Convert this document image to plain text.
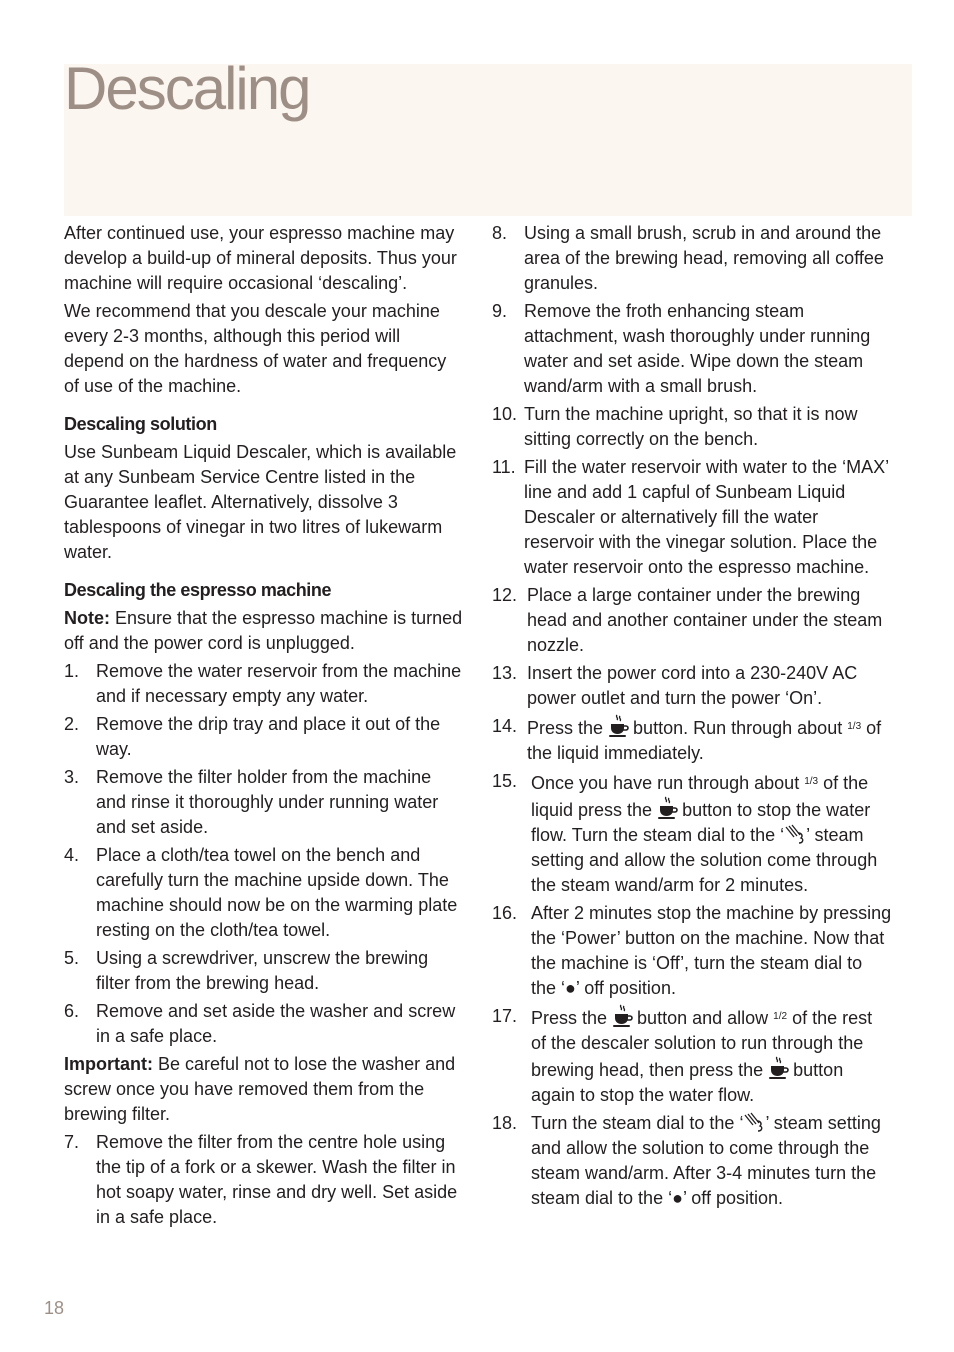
Descaling

After continued use, your espresso machine may develop a build-up of mineral deposits. Thus your machine will require occasional ‘descaling’.

We recommend that you descale your machine every 2-3 months, although this period will depend on the hardness of water and frequency of use of the machine.

Descaling solution

Use Sunbeam Liquid Descaler, which is available at any Sunbeam Service Centre listed in the Guarantee leaflet. Alternatively, dissolve 3 tablespoons of vinegar in two litres of lukewarm water.

Descaling the espresso machine

Note: Ensure that the espresso machine is turned off and the power cord is unplugged.

1. Remove the water reservoir from the machine and if necessary empty any water.
2. Remove the drip tray and place it out of the way.
3. Remove the filter holder from the machine and rinse it thoroughly under running water and set aside.
4. Place a cloth/tea towel on the bench and carefully turn the machine upside down. The machine should now be on the warming plate resting on the cloth/tea towel.
5. Using a screwdriver, unscrew the brewing filter from the brewing head.
6. Remove and set aside the washer and screw in a safe place.

Important: Be careful not to lose the washer and screw once you have removed them from the brewing filter.

7. Remove the filter from the centre hole using the tip of a fork or a skewer. Wash the filter in hot soapy water, rinse and dry well. Set aside in a safe place.
8. Using a small brush, scrub in and around the area of the brewing head, removing all coffee granules.
9. Remove the froth enhancing steam attachment, wash thoroughly under running water and set aside. Wipe down the steam wand/arm with a small brush.
10. Turn the machine upright, so that it is now sitting correctly on the bench.
11. Fill the water reservoir with water to the ‘MAX’ line and add 1 capful of Sunbeam Liquid Descaler or alternatively fill the water reservoir with the vinegar solution. Place the water reservoir onto the espresso machine.
12. Place a large container under the brewing head and another container under the steam nozzle.
13. Insert the power cord into a 230-240V AC power outlet and turn the power ‘On’.
14. Press the button. Run through about $^{1/3}$ of the liquid immediately.
15. Once you have run through about $^{1/3}$ of the liquid press the button to stop the water flow. Turn the steam dial to the ‘ ’ steam setting and allow the solution come through the steam wand/arm for 2 minutes.
16. After 2 minutes stop the machine by pressing the ‘Power’ button on the machine. Now that the machine is ‘Off’, turn the steam dial to the ‘●’ off position.
17. Press the button and allow $^{1/2}$ of the rest of the descaler solution to run through the brewing head, then press the button again to stop the water flow.
18. Turn the steam dial to the ‘ ’ steam setting and allow the solution to come through the steam wand/arm. After 3-4 minutes turn the steam dial to the ‘●’ off position.
18
